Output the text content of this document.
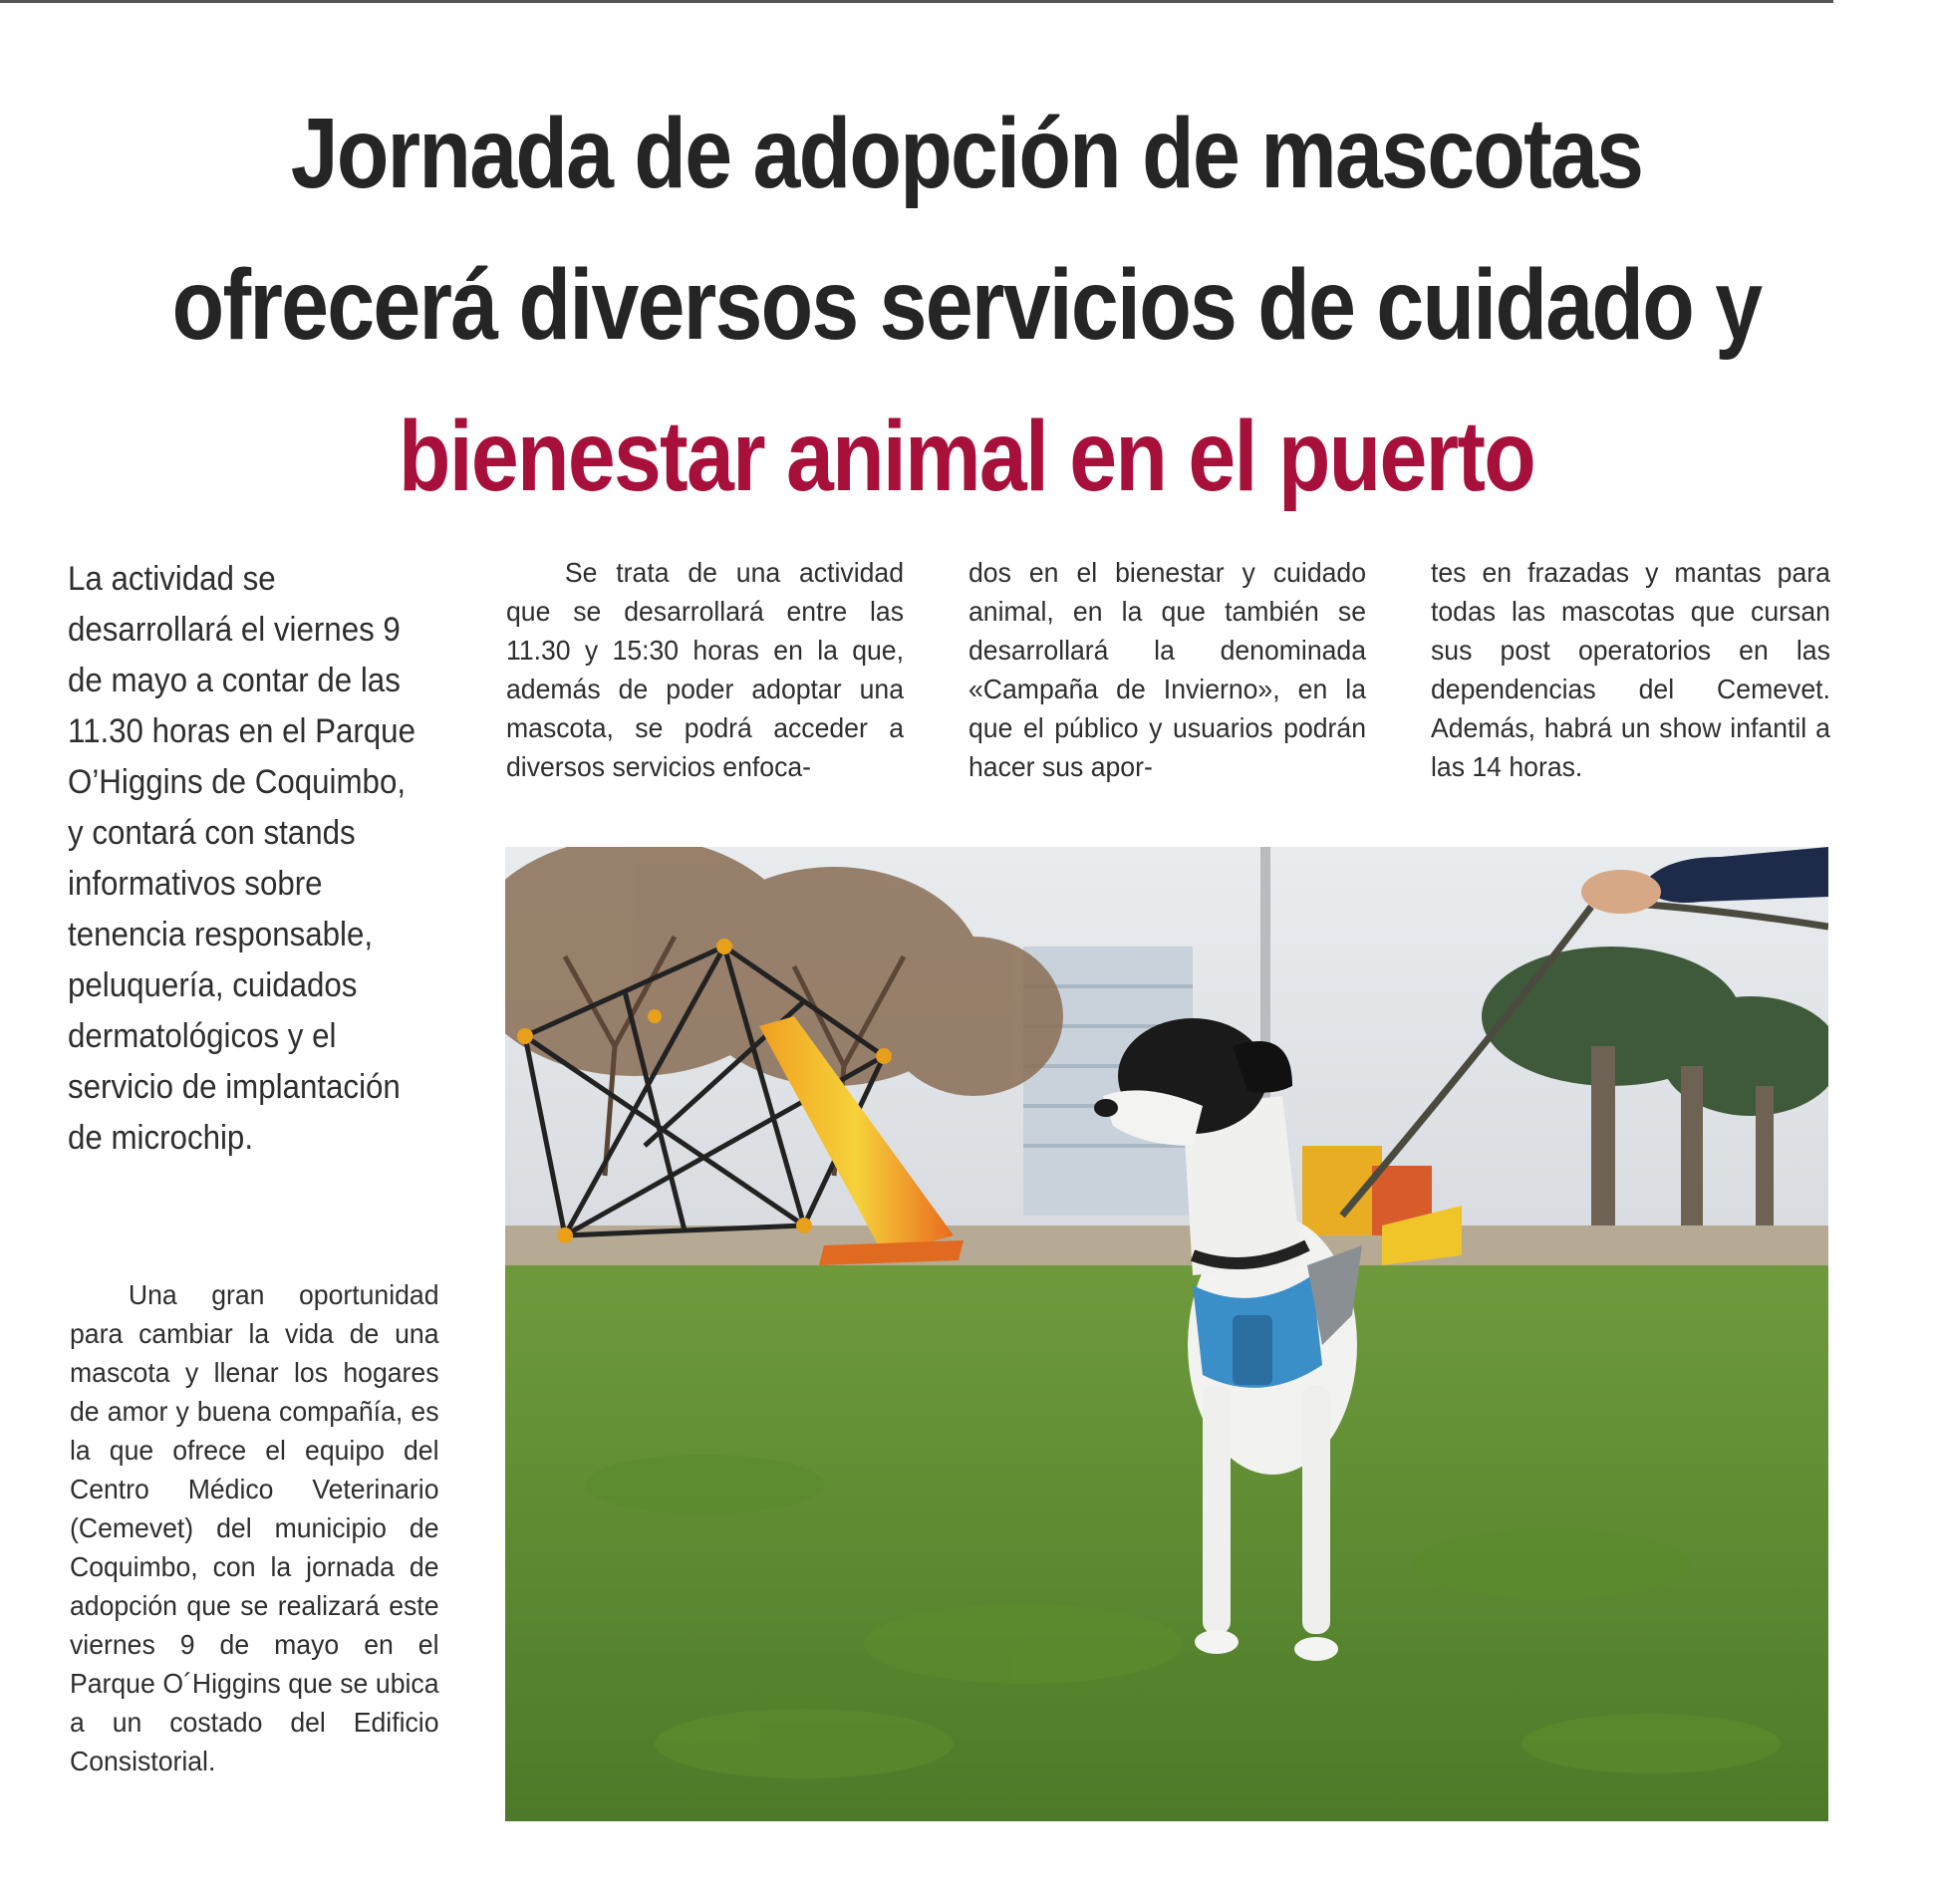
Jornada de adopción de mascotas
ofrecerá diversos servicios de cuidado y
bienestar animal en el puerto

La actividad se desarrollará el viernes 9 de mayo a contar de las 11.30 horas en el Parque O’Higgins de Coquimbo, y contará con stands informativos sobre tenencia responsable, peluquería, cuidados dermatológicos y el servicio de implantación de microchip.

Una gran oportunidad para cambiar la vida de una mascota y llenar los hogares de amor y buena compañía, es la que ofrece el equipo del Centro Médico Veterinario (Cemevet) del municipio de Coquimbo, con la jornada de adopción que se realizará este viernes 9 de mayo en el Parque O´Higgins que se ubica a un costado del Edificio Consistorial.

Se trata de una actividad que se desarrollará entre las 11.30 y 15:30 horas en la que, además de poder adoptar una mascota, se podrá acceder a diversos servicios enfoca-

dos en el bienestar y cuidado animal, en la que también se desarrollará la denominada «Campaña de Invierno», en la que el público y usuarios podrán hacer sus apor-

tes en frazadas y mantas para todas las mascotas que cursan sus post operatorios en las dependencias del Cemevet. Además, habrá un show infantil a las 14 horas.
